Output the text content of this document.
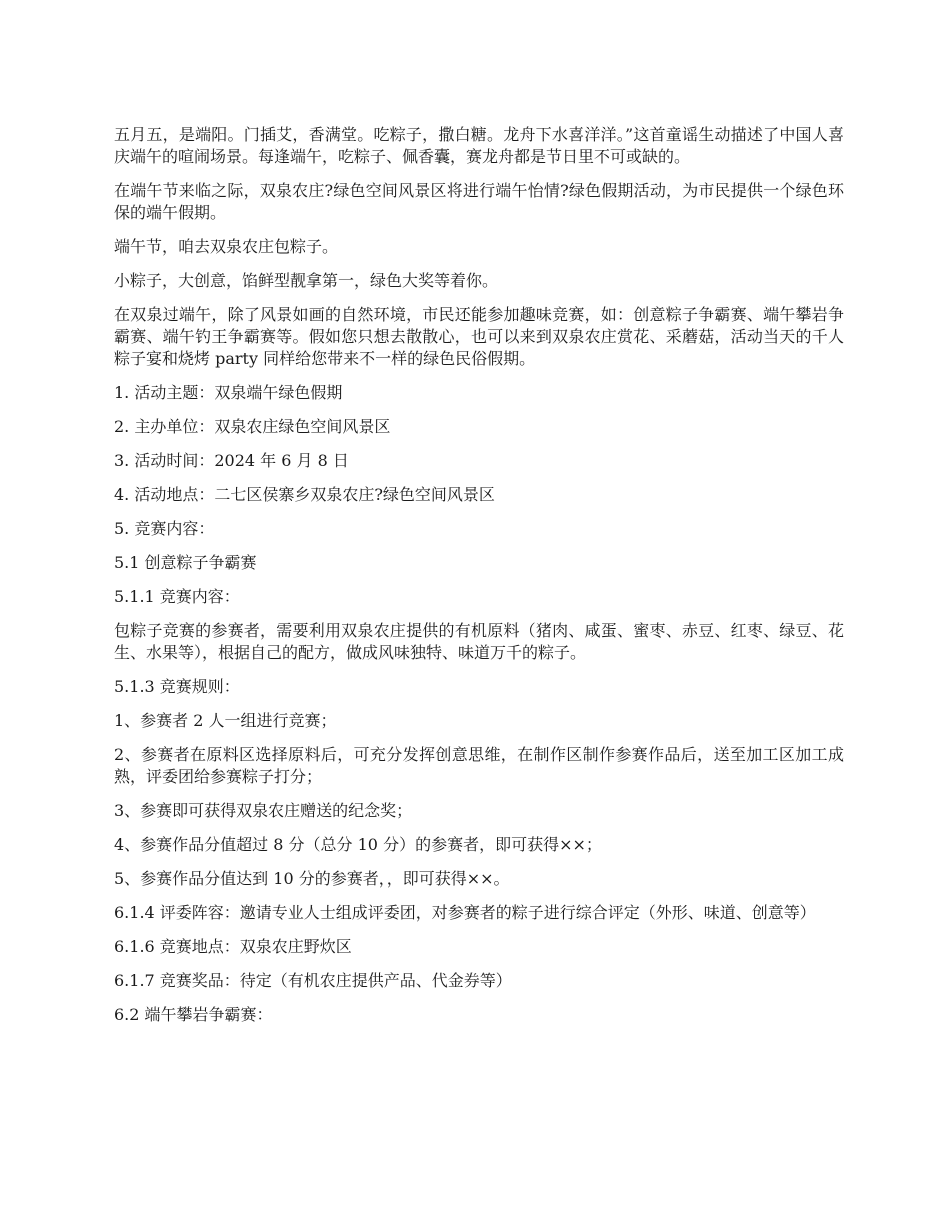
五月五，是端阳。门插艾，香满堂。吃粽子，撒白糖。龙舟下水喜洋洋。”这首童谣生动描述了中国人喜庆端午的喧闹场景。每逢端午，吃粽子、佩香囊，赛龙舟都是节日里不可或缺的。

在端午节来临之际，双泉农庄?绿色空间风景区将进行端午怡情?绿色假期活动，为市民提供一个绿色环保的端午假期。

端午节，咱去双泉农庄包粽子。

小粽子，大创意，馅鲜型靓拿第一，绿色大奖等着你。

在双泉过端午，除了风景如画的自然环境，市民还能参加趣味竞赛，如：创意粽子争霸赛、端午攀岩争霸赛、端午钓王争霸赛等。假如您只想去散散心，也可以来到双泉农庄赏花、采蘑菇，活动当天的千人粽子宴和烧烤 party 同样给您带来不一样的绿色民俗假期。

1. 活动主题：双泉端午绿色假期

2. 主办单位：双泉农庄绿色空间风景区

3. 活动时间：2024 年 6 月 8 日

4. 活动地点：二七区侯寨乡双泉农庄?绿色空间风景区

5. 竞赛内容：

5.1 创意粽子争霸赛

5.1.1 竞赛内容：

包粽子竞赛的参赛者，需要利用双泉农庄提供的有机原料（猪肉、咸蛋、蜜枣、赤豆、红枣、绿豆、花生、水果等），根据自己的配方，做成风味独特、味道万千的粽子。

5.1.3 竞赛规则：

1、参赛者 2 人一组进行竞赛；

2、参赛者在原料区选择原料后，可充分发挥创意思维，在制作区制作参赛作品后，送至加工区加工成熟，评委团给参赛粽子打分；

3、参赛即可获得双泉农庄赠送的纪念奖；

4、参赛作品分值超过 8 分（总分 10 分）的参赛者，即可获得××；

5、参赛作品分值达到 10 分的参赛者，，即可获得××。

6.1.4 评委阵容：邀请专业人士组成评委团，对参赛者的粽子进行综合评定（外形、味道、创意等）

6.1.6 竞赛地点：双泉农庄野炊区

6.1.7 竞赛奖品：待定（有机农庄提供产品、代金券等）

6.2 端午攀岩争霸赛：
